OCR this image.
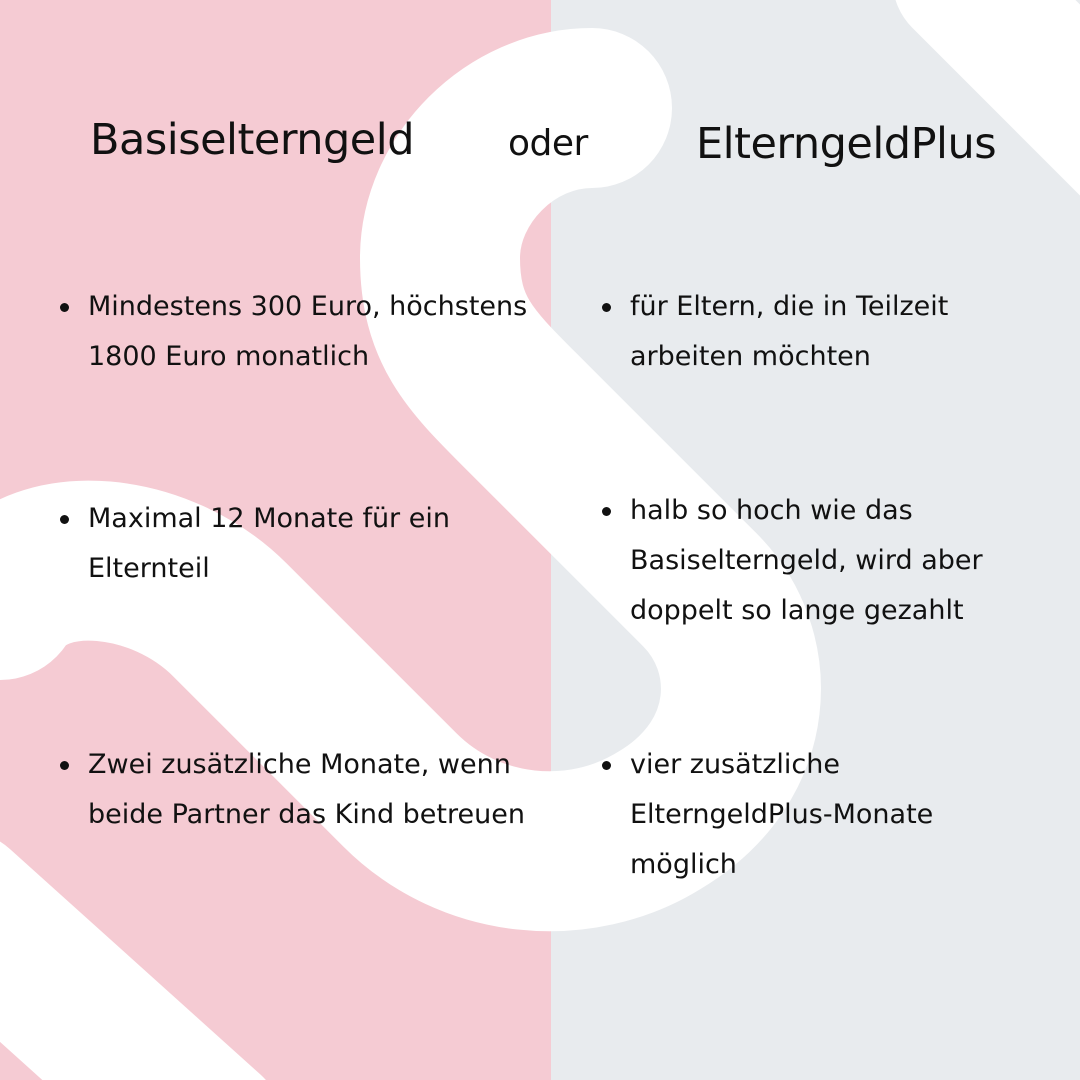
Basiselterngeld	oder	ElterngeldPlus
Mindestens 300 Euro, höchstens 1800 Euro monatlich
Maximal 12 Monate für ein Elternteil
Zwei zusätzliche Monate, wenn beide Partner das Kind betreuen
für Eltern, die in Teilzeit arbeiten möchten
halb so hoch wie das Basiselterngeld, wird aber doppelt so lange gezahlt
vier zusätzliche ElterngeldPlus-Monate möglich
